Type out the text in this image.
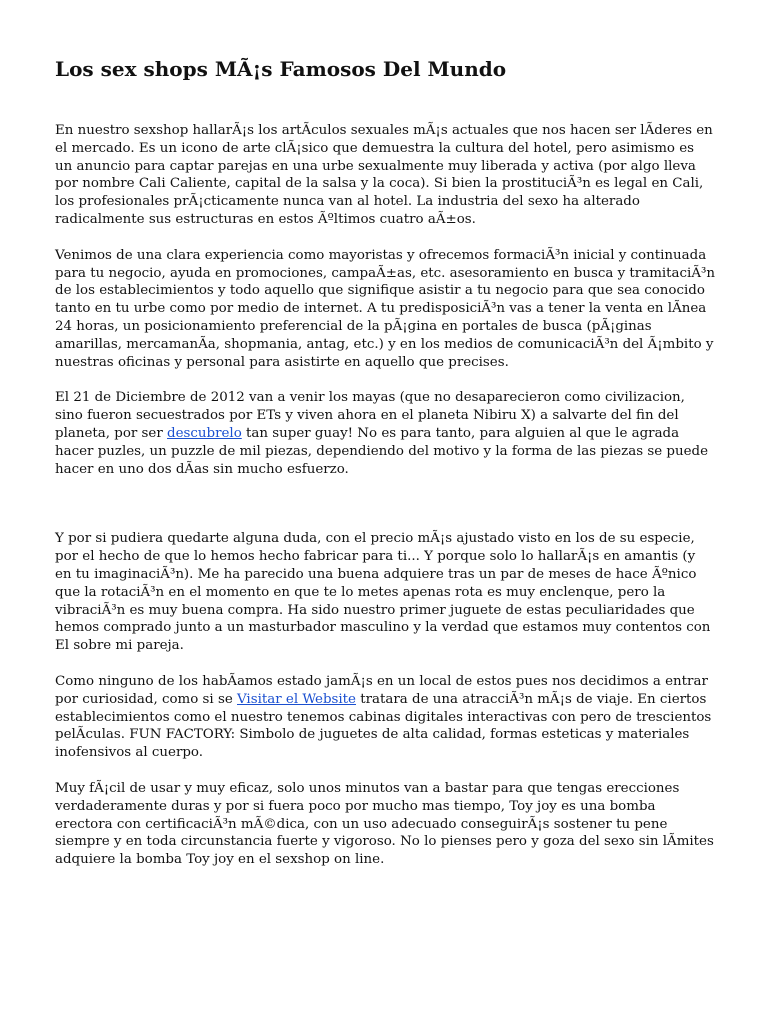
Los sex shops MÃ¡s Famosos Del Mundo

En nuestro sexshop hallarÃ¡s los artÃculos sexuales mÃ¡s actuales que nos hacen ser lÃderes en el mercado. Es un icono de arte clÃ¡sico que demuestra la cultura del hotel, pero asimismo es un anuncio para captar parejas en una urbe sexualmente muy liberada y activa (por algo lleva por nombre Cali Caliente, capital de la salsa y la coca). Si bien la prostituciÃ³n es legal en Cali, los profesionales prÃ¡cticamente nunca van al hotel. La industria del sexo ha alterado radicalmente sus estructuras en estos Ãºltimos cuatro aÃ±os.

Venimos de una clara experiencia como mayoristas y ofrecemos formaciÃ³n inicial y continuada para tu negocio, ayuda en promociones, campaÃ±as, etc. asesoramiento en busca y tramitaciÃ³n de los establecimientos y todo aquello que signifique asistir a tu negocio para que sea conocido tanto en tu urbe como por medio de internet. A tu predisposiciÃ³n vas a tener la venta en lÃnea 24 horas, un posicionamiento preferencial de la pÃ¡gina en portales de busca (pÃ¡ginas amarillas, mercamanÃa, shopmania, antag, etc.) y en los medios de comunicaciÃ³n del Ã¡mbito y nuestras oficinas y personal para asistirte en aquello que precises.

El 21 de Diciembre de 2012 van a venir los mayas (que no desaparecieron como civilizacion, sino fueron secuestrados por ETs y viven ahora en el planeta Nibiru X) a salvarte del fin del planeta, por ser descubrelo tan super guay! No es para tanto, para alguien al que le agrada hacer puzles, un puzzle de mil piezas, dependiendo del motivo y la forma de las piezas se puede hacer en uno dos dÃas sin mucho esfuerzo.

Y por si pudiera quedarte alguna duda, con el precio mÃ¡s ajustado visto en los de su especie, por el hecho de que lo hemos hecho fabricar para ti... Y porque solo lo hallarÃ¡s en amantis (y en tu imaginaciÃ³n). Me ha parecido una buena adquiere tras un par de meses de hace Ãºnico que la rotaciÃ³n en el momento en que te lo metes apenas rota es muy enclenque, pero la vibraciÃ³n es muy buena compra. Ha sido nuestro primer juguete de estas peculiaridades que hemos comprado junto a un masturbador masculino y la verdad que estamos muy contentos con El sobre mi pareja.

Como ninguno de los habÃamos estado jamÃ¡s en un local de estos pues nos decidimos a entrar por curiosidad, como si se Visitar el Website tratara de una atracciÃ³n mÃ¡s de viaje. En ciertos establecimientos como el nuestro tenemos cabinas digitales interactivas con pero de trescientos pelÃculas. FUN FACTORY: Simbolo de juguetes de alta calidad, formas esteticas y materiales inofensivos al cuerpo.

Muy fÃ¡cil de usar y muy eficaz, solo unos minutos van a bastar para que tengas erecciones verdaderamente duras y por si fuera poco por mucho mas tiempo, Toy joy es una bomba erectora con certificaciÃ³n mÃ©dica, con un uso adecuado conseguirÃ¡s sostener tu pene siempre y en toda circunstancia fuerte y vigoroso. No lo pienses pero y goza del sexo sin lÃmites adquiere la bomba Toy joy en el sexshop on line.
